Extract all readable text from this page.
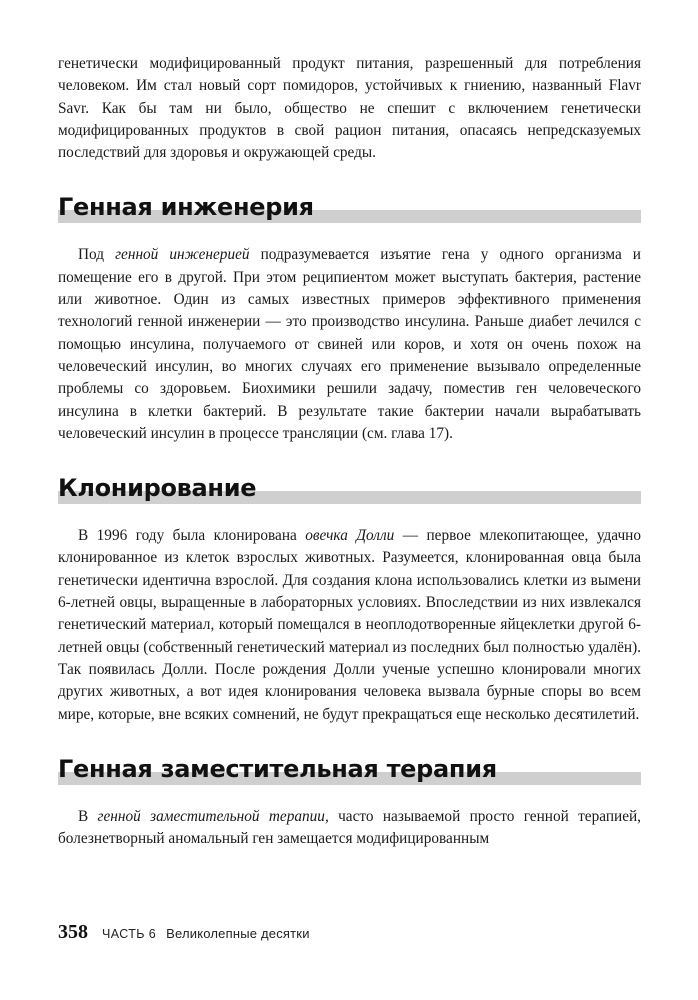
генетически модифицированный продукт питания, разрешенный для потребления человеком. Им стал новый сорт помидоров, устойчивых к гниению, названный Flavr Savr. Как бы там ни было, общество не спешит с включением генетически модифицированных продуктов в свой рацион питания, опасаясь непредсказуемых последствий для здоровья и окружающей среды.

Генная инженерия

Под генной инженерией подразумевается изъятие гена у одного организма и помещение его в другой. При этом реципиентом может выступать бактерия, растение или животное. Один из самых известных примеров эффективного применения технологий генной инженерии — это производство инсулина. Раньше диабет лечился с помощью инсулина, получаемого от свиней или коров, и хотя он очень похож на человеческий инсулин, во многих случаях его применение вызывало определенные проблемы со здоровьем. Биохимики решили задачу, поместив ген человеческого инсулина в клетки бактерий. В результате такие бактерии начали вырабатывать человеческий инсулин в процессе трансляции (см. глава 17).

Клонирование

В 1996 году была клонирована овечка Долли — первое млекопитающее, удачно клонированное из клеток взрослых животных. Разумеется, клонированная овца была генетически идентична взрослой. Для создания клона использовались клетки из вымени 6-летней овцы, выращенные в лабораторных условиях. Впоследствии из них извлекался генетический материал, который помещался в неоплодотворенные яйцеклетки другой 6-летней овцы (собственный генетический материал из последних был полностью удалён). Так появилась Долли. После рождения Долли ученые успешно клонировали многих других животных, а вот идея клонирования человека вызвала бурные споры во всем мире, которые, вне всяких сомнений, не будут прекращаться еще несколько десятилетий.

Генная заместительная терапия

В генной заместительной терапии, часто называемой просто генной терапией, болезнетворный аномальный ген замещается модифицированным

358 ЧАСТЬ 6 Великолепные десятки
